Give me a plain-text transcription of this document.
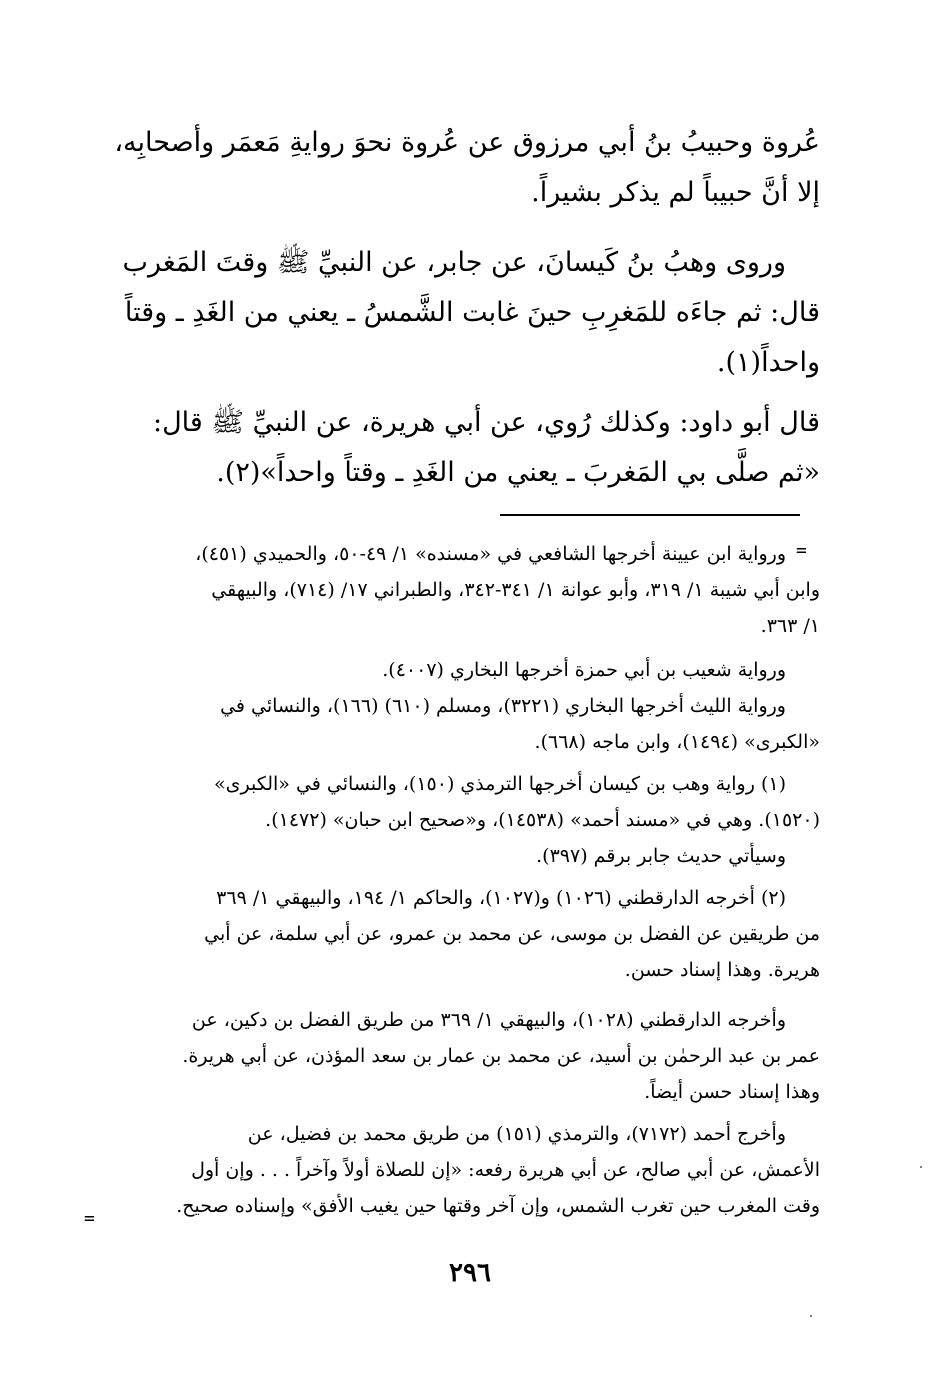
عُروة وحبيبُ بنُ أبي مرزوق عن عُروة نحوَ روايةِ مَعمَر وأصحابِه،
إلا أنَّ حبيباً لم يذكر بشيراً.
وروى وهبُ بنُ كَيسانَ، عن جابر، عن النبيِّ ﷺ وقتَ المَغرب
قال: ثم جاءَه للمَغرِبِ حينَ غابت الشَّمسُ ـ يعني من الغَدِ ـ وقتاً
واحداً(١).
قال أبو داود: وكذلك رُوي، عن أبي هريرة، عن النبيِّ ﷺ قال:
«ثم صلَّى بي المَغربَ ـ يعني من الغَدِ ـ وقتاً واحداً»(٢).
=
ورواية ابن عيينة أخرجها الشافعي في «مسنده» ١/ ٤٩-٥٠، والحميدي (٤٥١)،
وابن أبي شيبة ١/ ٣١٩، وأبو عوانة ١/ ٣٤١-٣٤٢، والطبراني ١٧/ (٧١٤)، والبيهقي
١/ ٣٦٣.
ورواية شعيب بن أبي حمزة أخرجها البخاري (٤٠٠٧).
ورواية الليث أخرجها البخاري (٣٢٢١)، ومسلم (٦١٠) (١٦٦)، والنسائي في
«الكبرى» (١٤٩٤)، وابن ماجه (٦٦٨).
(١) رواية وهب بن كيسان أخرجها الترمذي (١٥٠)، والنسائي في «الكبرى»
(١٥٢٠). وهي في «مسند أحمد» (١٤٥٣٨)، و«صحيح ابن حبان» (١٤٧٢).
وسيأتي حديث جابر برقم (٣٩٧).
(٢) أخرجه الدارقطني (١٠٢٦) و(١٠٢٧)، والحاكم ١/ ١٩٤، والبيهقي ١/ ٣٦٩
من طريقين عن الفضل بن موسى، عن محمد بن عمرو، عن أبي سلمة، عن أبي
هريرة. وهذا إسناد حسن.
وأخرجه الدارقطني (١٠٢٨)، والبيهقي ١/ ٣٦٩ من طريق الفضل بن دكين، عن
عمر بن عبد الرحمٰن بن أسيد، عن محمد بن عمار بن سعد المؤذن، عن أبي هريرة.
وهذا إسناد حسن أيضاً.
وأخرج أحمد (٧١٧٢)، والترمذي (١٥١) من طريق محمد بن فضيل، عن
الأعمش، عن أبي صالح، عن أبي هريرة رفعه: «إن للصلاة أولاً وآخراً . . . وإن أول
وقت المغرب حين تغرب الشمس، وإن آخر وقتها حين يغيب الأفق» وإسناده صحيح.
=
٢٩٦
